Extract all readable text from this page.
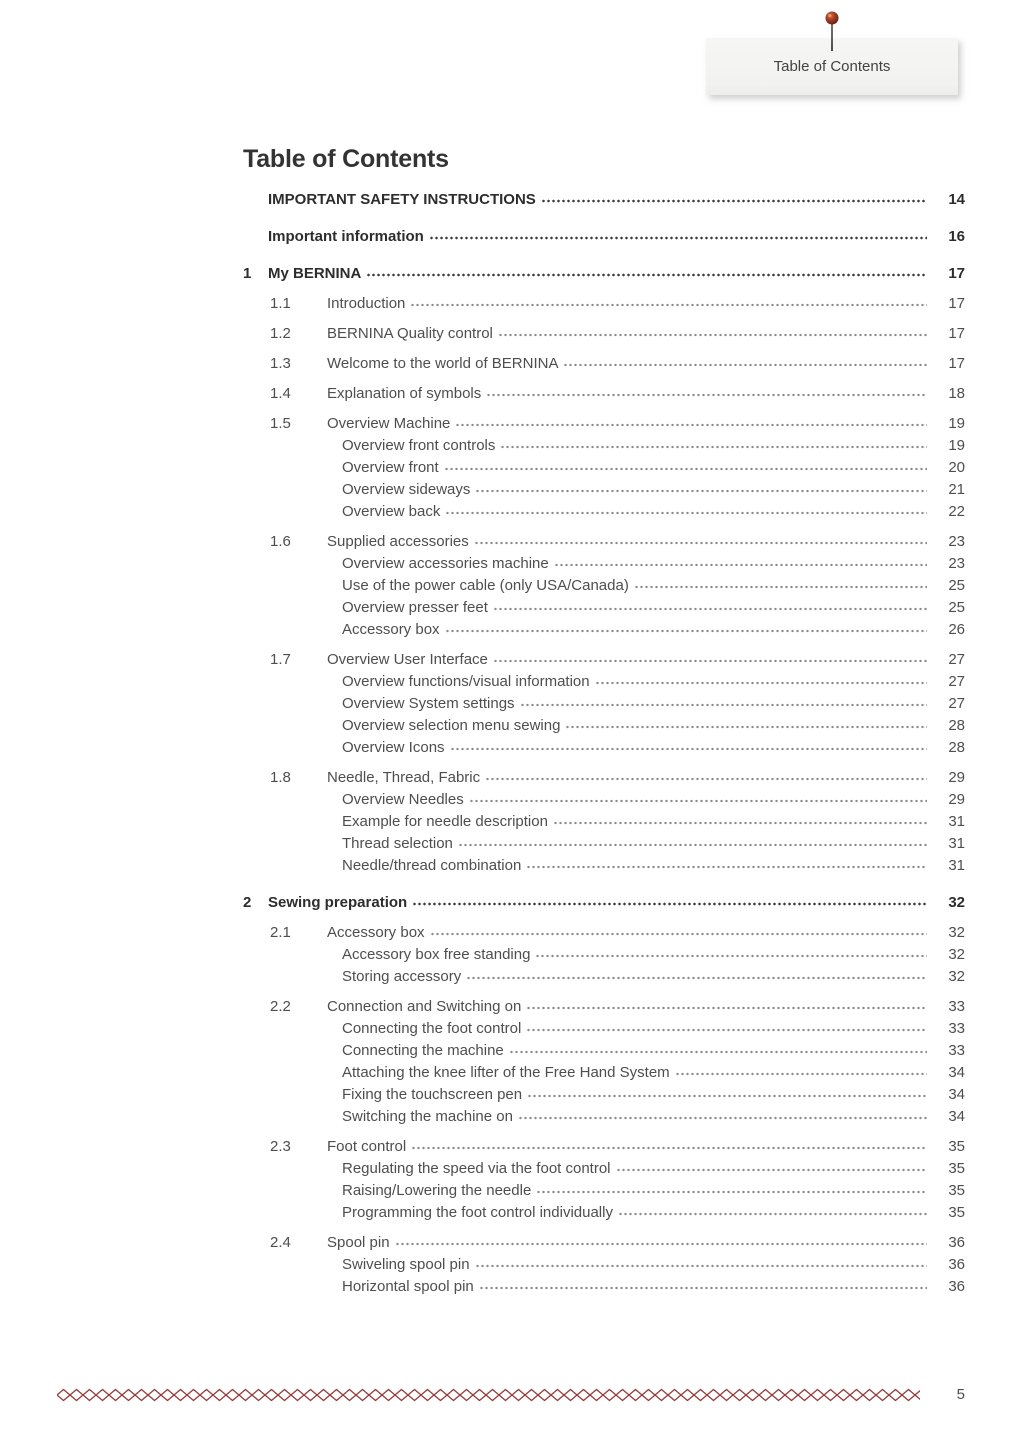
Table of Contents
Table of Contents
IMPORTANT SAFETY INSTRUCTIONS	14
Important information	16
1	My BERNINA	17
1.1	Introduction	17
1.2	BERNINA Quality control	17
1.3	Welcome to the world of BERNINA	17
1.4	Explanation of symbols	18
1.5	Overview Machine	19
Overview front controls	19
Overview front	20
Overview sideways	21
Overview back	22
1.6	Supplied accessories	23
Overview accessories machine	23
Use of the power cable (only USA/Canada)	25
Overview presser feet	25
Accessory box	26
1.7	Overview User Interface	27
Overview functions/visual information	27
Overview System settings	27
Overview selection menu sewing	28
Overview Icons	28
1.8	Needle, Thread, Fabric	29
Overview Needles	29
Example for needle description	31
Thread selection	31
Needle/thread combination	31
2	Sewing preparation	32
2.1	Accessory box	32
Accessory box free standing	32
Storing accessory	32
2.2	Connection and Switching on	33
Connecting the foot control	33
Connecting the machine	33
Attaching the knee lifter of the Free Hand System	34
Fixing the touchscreen pen	34
Switching the machine on	34
2.3	Foot control	35
Regulating the speed via the foot control	35
Raising/Lowering the needle	35
Programming the foot control individually	35
2.4	Spool pin	36
Swiveling spool pin	36
Horizontal spool pin	36
5
